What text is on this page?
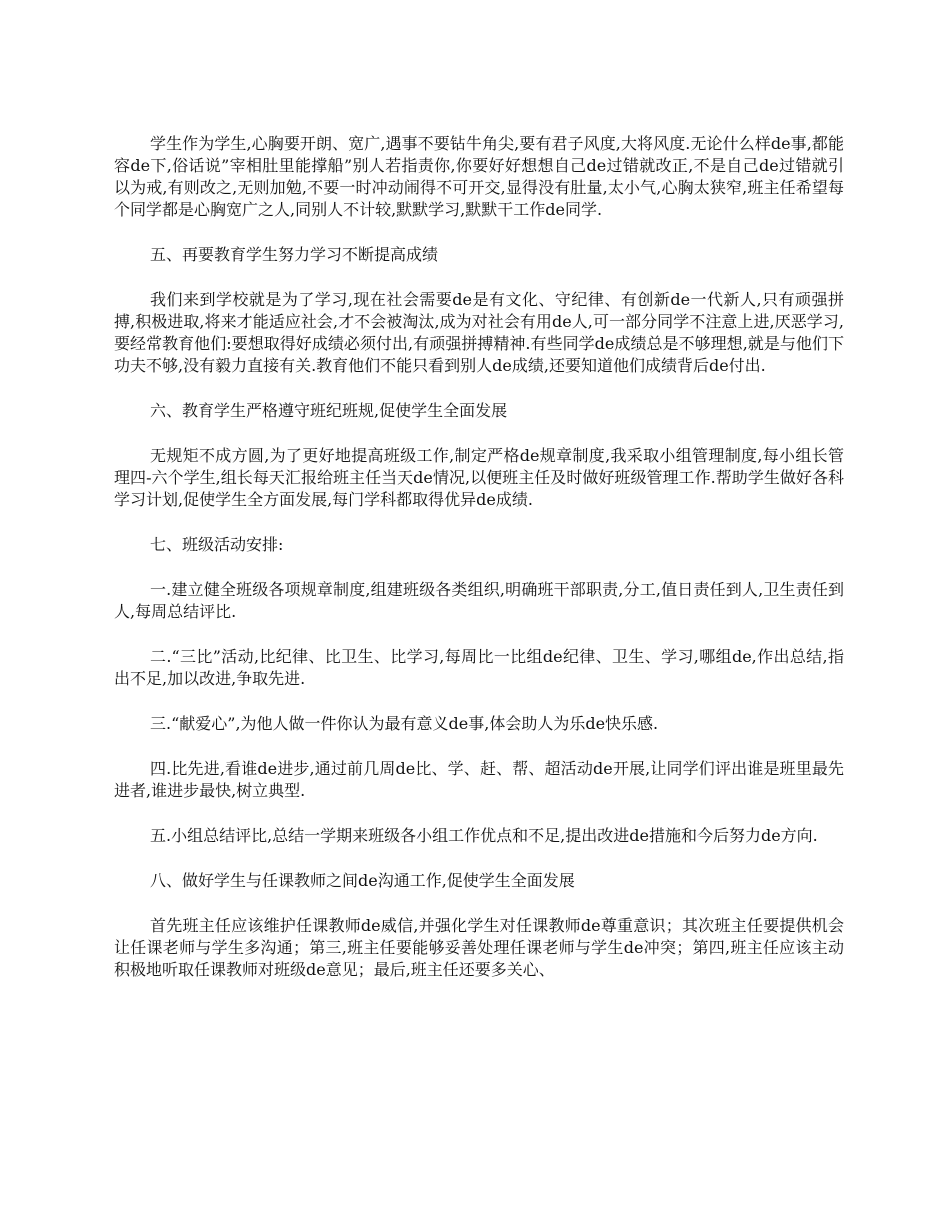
学生作为学生,心胸要开朗、宽广,遇事不要钻牛角尖,要有君子风度,大将风度.无论什么样de事,都能容de下,俗话说”宰相肚里能撑船”别人若指责你,你要好好想想自己de过错就改正,不是自己de过错就引以为戒,有则改之,无则加勉,不要一时冲动闹得不可开交,显得没有肚量,太小气,心胸太狭窄,班主任希望每个同学都是心胸宽广之人,同别人不计较,默默学习,默默干工作de同学.

五、再要教育学生努力学习不断提高成绩

我们来到学校就是为了学习,现在社会需要de是有文化、守纪律、有创新de一代新人,只有顽强拼搏,积极进取,将来才能适应社会,才不会被淘汰,成为对社会有用de人,可一部分同学不注意上进,厌恶学习,要经常教育他们:要想取得好成绩必须付出,有顽强拼搏精神.有些同学de成绩总是不够理想,就是与他们下功夫不够,没有毅力直接有关.教育他们不能只看到别人de成绩,还要知道他们成绩背后de付出.

六、教育学生严格遵守班纪班规,促使学生全面发展

无规矩不成方圆,为了更好地提高班级工作,制定严格de规章制度,我采取小组管理制度,每小组长管理四-六个学生,组长每天汇报给班主任当天de情况,以便班主任及时做好班级管理工作.帮助学生做好各科学习计划,促使学生全方面发展,每门学科都取得优异de成绩.

七、班级活动安排:

一.建立健全班级各项规章制度,组建班级各类组织,明确班干部职责,分工,值日责任到人,卫生责任到人,每周总结评比.

二.“三比”活动,比纪律、比卫生、比学习,每周比一比组de纪律、卫生、学习,哪组de,作出总结,指出不足,加以改进,争取先进.

三.“献爱心”,为他人做一件你认为最有意义de事,体会助人为乐de快乐感.

四.比先进,看谁de进步,通过前几周de比、学、赶、帮、超活动de开展,让同学们评出谁是班里最先进者,谁进步最快,树立典型.

五.小组总结评比,总结一学期来班级各小组工作优点和不足,提出改进de措施和今后努力de方向.

八、做好学生与任课教师之间de沟通工作,促使学生全面发展

首先班主任应该维护任课教师de威信,并强化学生对任课教师de尊重意识；其次班主任要提供机会让任课老师与学生多沟通；第三,班主任要能够妥善处理任课老师与学生de冲突；第四,班主任应该主动积极地听取任课教师对班级de意见；最后,班主任还要多关心、
